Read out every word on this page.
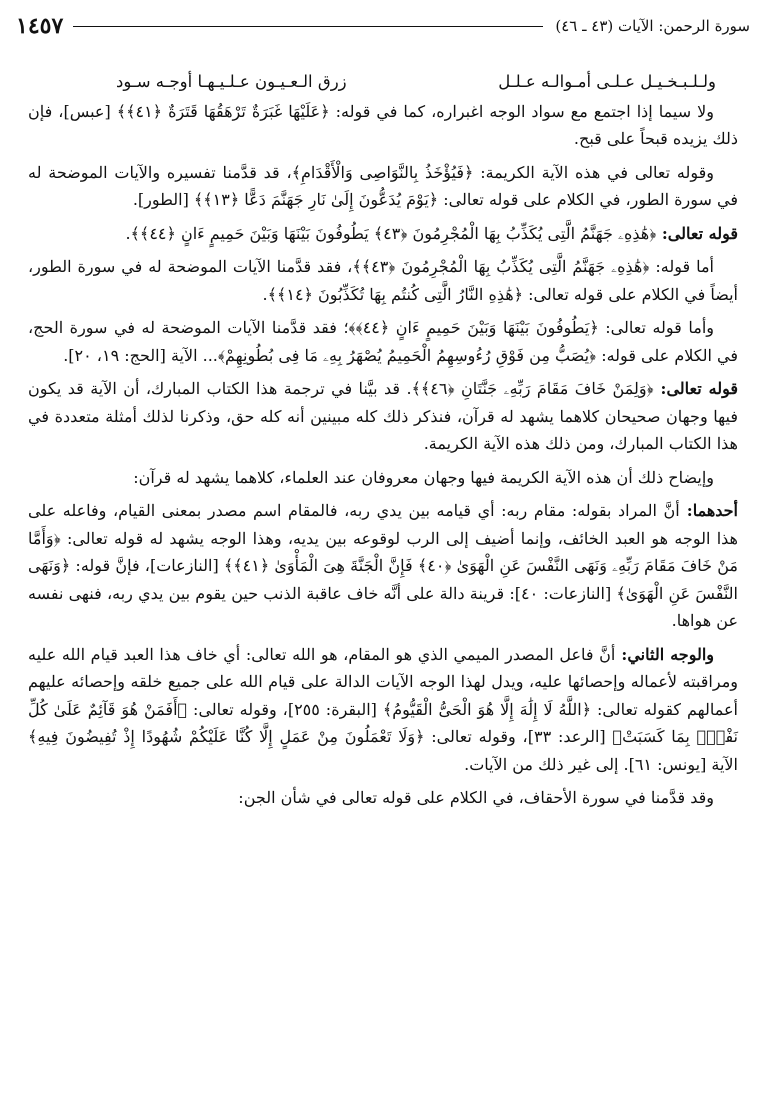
سورة الرحمن: الآيات (٤٣ ـ ٤٦)
١٤٥٧
ولـلـبـخـيـل عـلـى أمـوالـه عـلـل
زرق الـعـيـون عـلـيـهـا أوجـه سـود

ولا سيما إذا اجتمع مع سواد الوجه اغبراره، كما في قوله: ﴿عَلَيْهَا غَبَرَةٌ تَرْهَقُهَا قَتَرَةٌ ﴿٤١﴾﴾ [عبس]، فإن ذلك يزيده قبحاً على قبح.

وقوله تعالى في هذه الآية الكريمة: ﴿فَيُؤْخَذُ بِالنَّوَاصِى وَالْأَقْدَامِ﴾، قد قدَّمنا تفسيره والآيات الموضحة له في سورة الطور، في الكلام على قوله تعالى: ﴿يَوْمَ يُدَعُّونَ إِلَىٰ نَارِ جَهَنَّمَ دَعًّا ﴿١٣﴾﴾ [الطور].

قوله تعالى: ﴿هَٰذِهِۦ جَهَنَّمُ الَّتِى يُكَذِّبُ بِهَا الْمُجْرِمُونَ ﴿٤٣﴾ يَطُوفُونَ بَيْنَهَا وَبَيْنَ حَمِيمٍ ءَانٍ ﴿٤٤﴾﴾.

أما قوله: ﴿هَٰذِهِۦ جَهَنَّمُ الَّتِى يُكَذِّبُ بِهَا الْمُجْرِمُونَ ﴿٤٣﴾﴾، فقد قدَّمنا الآيات الموضحة له في سورة الطور، أيضاً في الكلام على قوله تعالى: ﴿هَٰذِهِ النَّارُ الَّتِى كُنتُم بِهَا تُكَذِّبُونَ ﴿١٤﴾﴾.

وأما قوله تعالى: ﴿يَطُوفُونَ بَيْنَهَا وَبَيْنَ حَمِيمٍ ءَانٍ ﴿٤٤﴾﴾؛ فقد قدَّمنا الآيات الموضحة له في سورة الحج، في الكلام على قوله: ﴿يُصَبُّ مِن فَوْقِ رُءُوسِهِمُ الْحَمِيمُ يُصْهَرُ بِهِۦ مَا فِى بُطُونِهِمْ﴾... الآية [الحج: ١٩، ٢٠].

قوله تعالى: ﴿وَلِمَنْ خَافَ مَقَامَ رَبِّهِۦ جَنَّتَانِ ﴿٤٦﴾﴾. قد بيَّنا في ترجمة هذا الكتاب المبارك، أن الآية قد يكون فيها وجهان صحيحان كلاهما يشهد له قرآن، فنذكر ذلك كله مبينين أنه كله حق، وذكرنا لذلك أمثلة متعددة في هذا الكتاب المبارك، ومن ذلك هذه الآية الكريمة.

وإيضاح ذلك أن هذه الآية الكريمة فيها وجهان معروفان عند العلماء، كلاهما يشهد له قرآن:

أحدهما: أنَّ المراد بقوله: مقام ربه: أي قيامه بين يدي ربه، فالمقام اسم مصدر بمعنى القيام، وفاعله على هذا الوجه هو العبد الخائف، وإنما أضيف إلى الرب لوقوعه بين يديه، وهذا الوجه يشهد له قوله تعالى: ﴿وَأَمَّا مَنْ خَافَ مَقَامَ رَبِّهِۦ وَنَهَى النَّفْسَ عَنِ الْهَوَىٰ ﴿٤٠﴾ فَإِنَّ الْجَنَّةَ هِىَ الْمَأْوَىٰ ﴿٤١﴾﴾ [النازعات]، فإنَّ قوله: ﴿وَنَهَى النَّفْسَ عَنِ الْهَوَىٰ﴾ [النازعات: ٤٠]: قرينة دالة على أنَّه خاف عاقبة الذنب حين يقوم بين يدي ربه، فنهى نفسه عن هواها.

والوجه الثاني: أنَّ فاعل المصدر الميمي الذي هو المقام، هو الله تعالى: أي خاف هذا العبد قيام الله عليه ومراقبته لأعماله وإحصائها عليه، ويدل لهذا الوجه الآيات الدالة على قيام الله على جميع خلقه وإحصائه عليهم أعمالهم كقوله تعالى: ﴿اللَّهُ لَا إِلَٰهَ إِلَّا هُوَ الْحَىُّ الْقَيُّومُ﴾ [البقرة: ٢٥٥]، وقوله تعالى: ﴿أَفَمَنْ هُوَ قَآئِمٌ عَلَىٰ كُلِّ نَفْسٍۭ بِمَا كَسَبَتْ﴾ [الرعد: ٣٣]، وقوله تعالى: ﴿وَلَا تَعْمَلُونَ مِنْ عَمَلٍ إِلَّا كُنَّا عَلَيْكُمْ شُهُودًا إِذْ تُفِيضُونَ فِيهِ﴾ الآية [يونس: ٦١]. إلى غير ذلك من الآيات.

وقد قدَّمنا في سورة الأحقاف، في الكلام على قوله تعالى في شأن الجن:
